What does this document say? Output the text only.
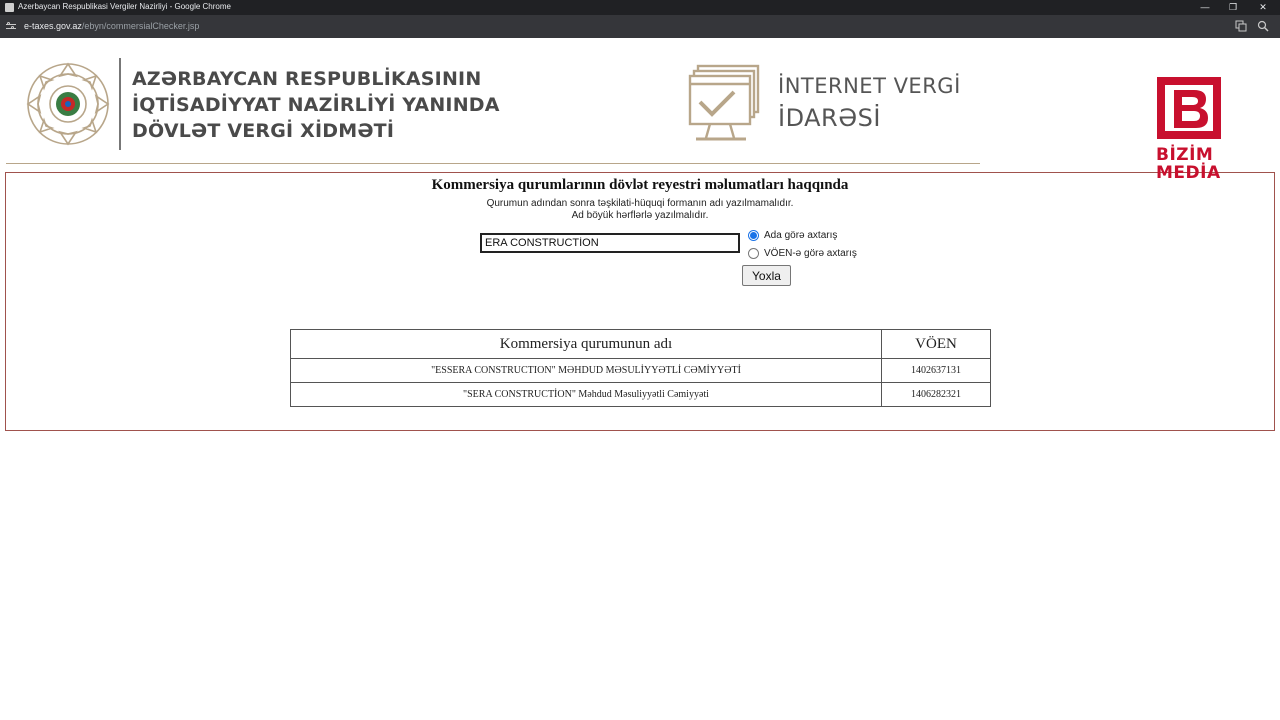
Azerbaycan Respublikasi Vergiler Nazirliyi - Google Chrome	—	❐	✕
e-taxes.gov.az/ebyn/commersialChecker.jsp
AZƏRBAYCAN RESPUBLİKASININ
İQTİSADİYYAT NAZİRLİYİ YANINDA
DÖVLƏT VERGİ XİDMƏTİ
İNTERNET VERGİ
İDARƏSİ
Kommersiya qurumlarının dövlət reyestri məlumatları haqqında
Qurumun adından sonra təşkilati-hüquqi formanın adı yazılmamalıdır.
Ad böyük hərflərlə yazılmalıdır.
ERA CONSTRUCTİON
Ada görə axtarış
VÖEN-ə görə axtarış
Yoxla
Kommersiya qurumunun adı	VÖEN
"ESSERA CONSTRUCTION" MƏHDUD MƏSULİYYƏTLİ CƏMİYYƏTİ	1402637131
"SERA CONSTRUCTİON" Məhdud Məsuliyyətli Cəmiyyəti	1406282321
BİZİM
MEDİA
